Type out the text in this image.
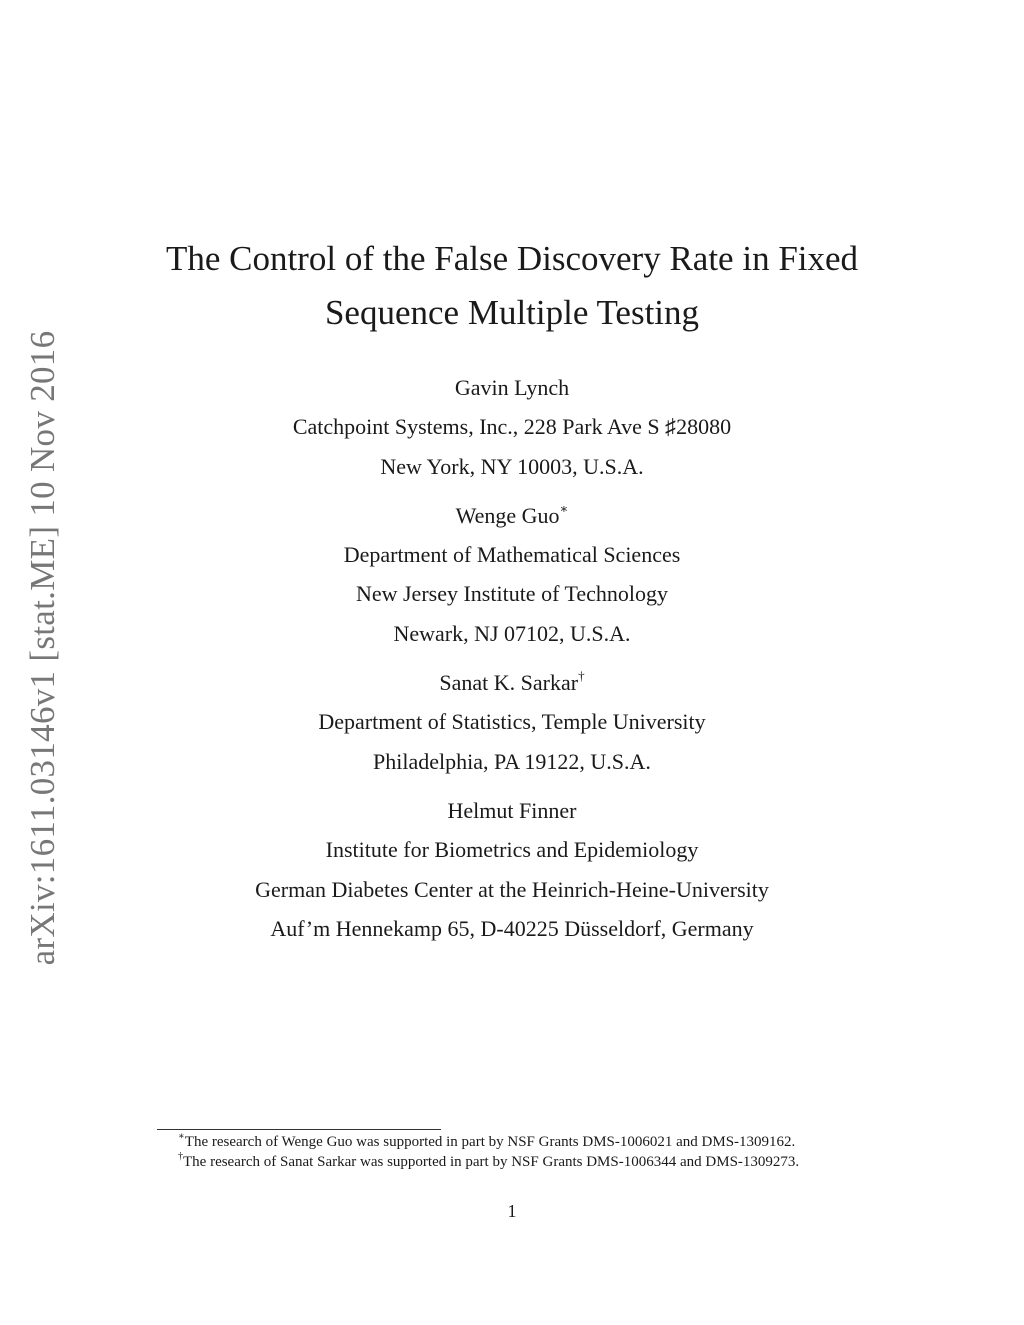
arXiv:1611.03146v1 [stat.ME] 10 Nov 2016
The Control of the False Discovery Rate in Fixed
Sequence Multiple Testing
Gavin Lynch
Catchpoint Systems, Inc., 228 Park Ave S ♯28080
New York, NY 10003, U.S.A.
Wenge Guo∗
Department of Mathematical Sciences
New Jersey Institute of Technology
Newark, NJ 07102, U.S.A.
Sanat K. Sarkar†
Department of Statistics, Temple University
Philadelphia, PA 19122, U.S.A.
Helmut Finner
Institute for Biometrics and Epidemiology
German Diabetes Center at the Heinrich-Heine-University
Auf’m Hennekamp 65, D-40225 Düsseldorf, Germany
∗The research of Wenge Guo was supported in part by NSF Grants DMS-1006021 and DMS-1309162.
†The research of Sanat Sarkar was supported in part by NSF Grants DMS-1006344 and DMS-1309273.
1
